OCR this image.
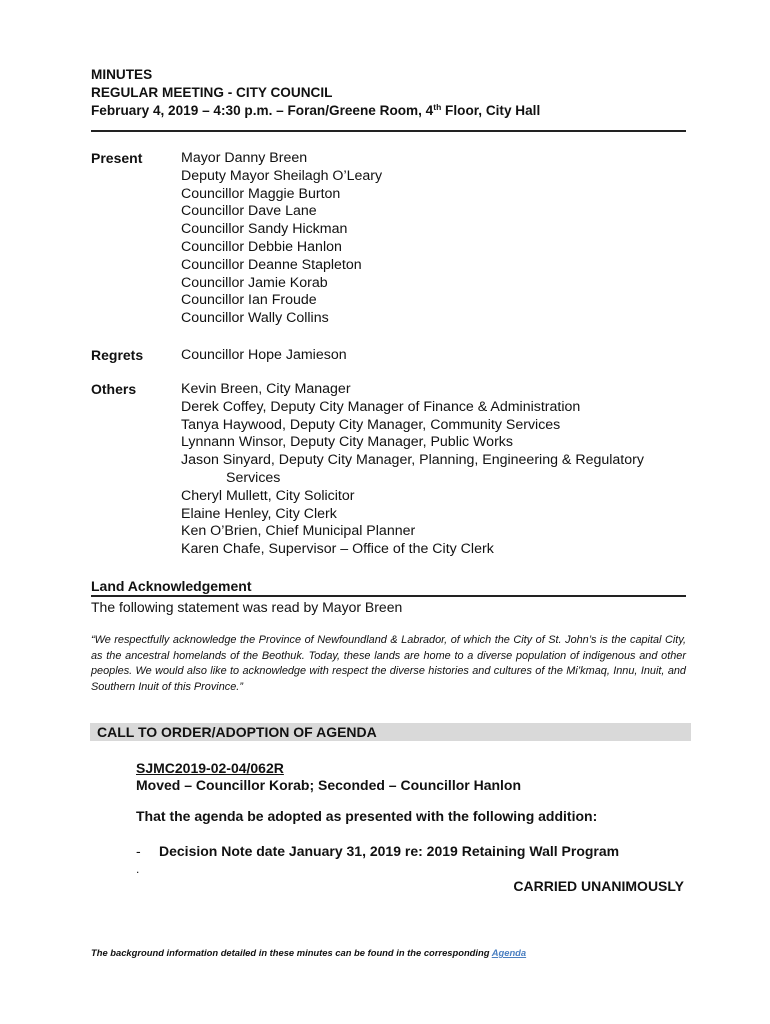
MINUTES
REGULAR MEETING - CITY COUNCIL
February 4, 2019 – 4:30 p.m. – Foran/Greene Room, 4th Floor, City Hall
Present	Mayor Danny Breen
Deputy Mayor Sheilagh O’Leary
Councillor Maggie Burton
Councillor Dave Lane
Councillor Sandy Hickman
Councillor Debbie Hanlon
Councillor Deanne Stapleton
Councillor Jamie Korab
Councillor Ian Froude
Councillor Wally Collins
Regrets	Councillor Hope Jamieson
Others	Kevin Breen, City Manager
Derek Coffey, Deputy City Manager of Finance & Administration
Tanya Haywood, Deputy City Manager, Community Services
Lynnann Winsor, Deputy City Manager, Public Works
Jason Sinyard, Deputy City Manager, Planning, Engineering & Regulatory
Services
Cheryl Mullett, City Solicitor
Elaine Henley, City Clerk
Ken O’Brien, Chief Municipal Planner
Karen Chafe, Supervisor – Office of the City Clerk
Land Acknowledgement
The following statement was read by Mayor Breen
“We respectfully acknowledge the Province of Newfoundland & Labrador, of which the City of St. John’s is the capital City, as the ancestral homelands of the Beothuk. Today, these lands are home to a diverse population of indigenous and other peoples. We would also like to acknowledge with respect the diverse histories and cultures of the Mi’kmaq, Innu, Inuit, and Southern Inuit of this Province.”
CALL TO ORDER/ADOPTION OF AGENDA
SJMC2019-02-04/062R
Moved – Councillor Korab; Seconded – Councillor Hanlon
That the agenda be adopted as presented with the following addition:
- Decision Note date January 31, 2019 re: 2019 Retaining Wall Program
.
CARRIED UNANIMOUSLY
The background information detailed in these minutes can be found in the corresponding Agenda
